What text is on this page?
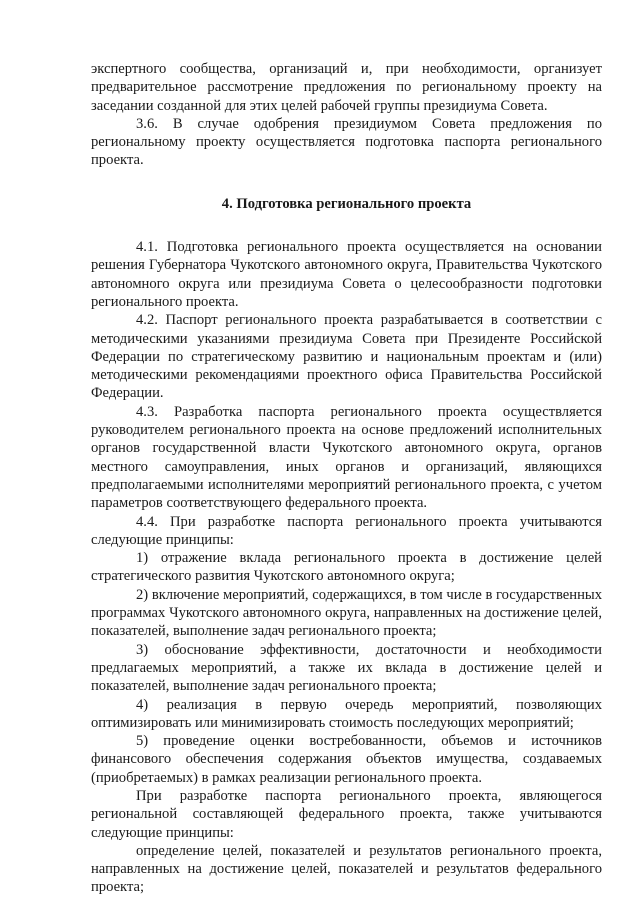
экспертного сообщества, организаций и, при необходимости, организует предварительное рассмотрение предложения по региональному проекту на заседании созданной для этих целей рабочей группы президиума Совета.

3.6. В случае одобрения президиумом Совета предложения по региональному проекту осуществляется подготовка паспорта регионального проекта.

4. Подготовка регионального проекта

4.1. Подготовка регионального проекта осуществляется на основании решения Губернатора Чукотского автономного округа, Правительства Чукотского автономного округа или президиума Совета о целесообразности подготовки регионального проекта.

4.2. Паспорт регионального проекта разрабатывается в соответствии с методическими указаниями президиума Совета при Президенте Российской Федерации по стратегическому развитию и национальным проектам и (или) методическими рекомендациями проектного офиса Правительства Российской Федерации.

4.3. Разработка паспорта регионального проекта осуществляется руководителем регионального проекта на основе предложений исполнительных органов государственной власти Чукотского автономного округа, органов местного самоуправления, иных органов и организаций, являющихся предполагаемыми исполнителями мероприятий регионального проекта, с учетом параметров соответствующего федерального проекта.

4.4. При разработке паспорта регионального проекта учитываются следующие принципы:

1) отражение вклада регионального проекта в достижение целей стратегического развития Чукотского автономного округа;

2) включение мероприятий, содержащихся, в том числе в государственных программах Чукотского автономного округа, направленных на достижение целей, показателей, выполнение задач регионального проекта;

3) обоснование эффективности, достаточности и необходимости предлагаемых мероприятий, а также их вклада в достижение целей и показателей, выполнение задач регионального проекта;

4) реализация в первую очередь мероприятий, позволяющих оптимизировать или минимизировать стоимость последующих мероприятий;

5) проведение оценки востребованности, объемов и источников финансового обеспечения содержания объектов имущества, создаваемых (приобретаемых) в рамках реализации регионального проекта.

При разработке паспорта регионального проекта, являющегося региональной составляющей федерального проекта, также учитываются следующие принципы:

определение целей, показателей и результатов регионального проекта, направленных на достижение целей, показателей и результатов федерального проекта;
